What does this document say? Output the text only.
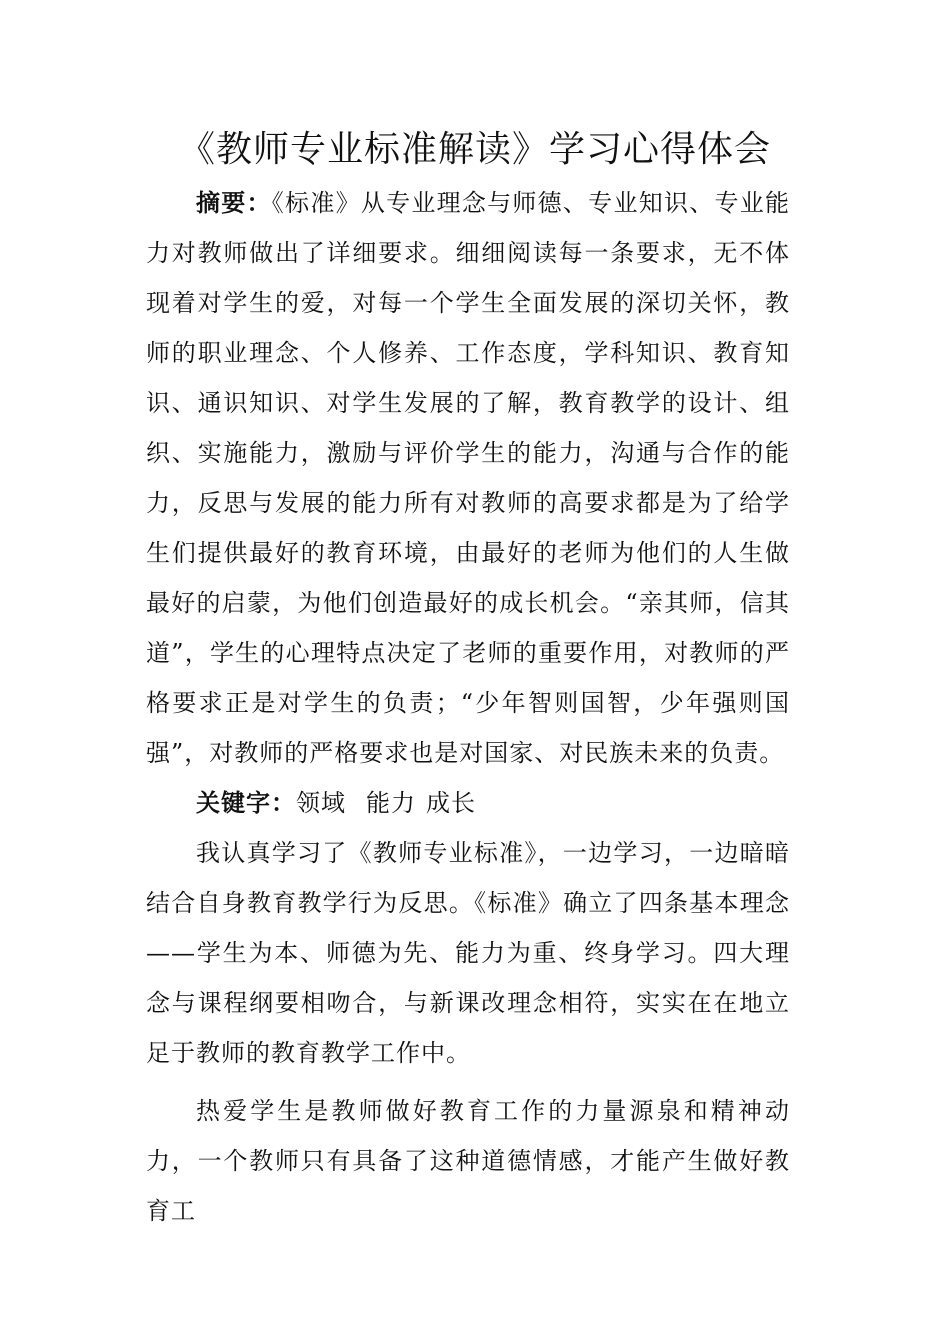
《教师专业标准解读》学习心得体会

摘要：《标准》从专业理念与师德、专业知识、专业能力对教师做出了详细要求。细细阅读每一条要求，无不体现着对学生的爱，对每一个学生全面发展的深切关怀，教师的职业理念、个人修养、工作态度，学科知识、教育知识、通识知识、对学生发展的了解，教育教学的设计、组织、实施能力，激励与评价学生的能力，沟通与合作的能力，反思与发展的能力所有对教师的高要求都是为了给学生们提供最好的教育环境，由最好的老师为他们的人生做最好的启蒙，为他们创造最好的成长机会。“亲其师，信其道”，学生的心理特点决定了老师的重要作用，对教师的严格要求正是对学生的负责；“少年智则国智，少年强则国强”，对教师的严格要求也是对国家、对民族未来的负责。

关键字：领域 能力 成长

我认真学习了《教师专业标准》，一边学习，一边暗暗结合自身教育教学行为反思。《标准》确立了四条基本理念——学生为本、师德为先、能力为重、终身学习。四大理念与课程纲要相吻合，与新课改理念相符，实实在在地立足于教师的教育教学工作中。

热爱学生是教师做好教育工作的力量源泉和精神动力，一个教师只有具备了这种道德情感，才能产生做好教育工
